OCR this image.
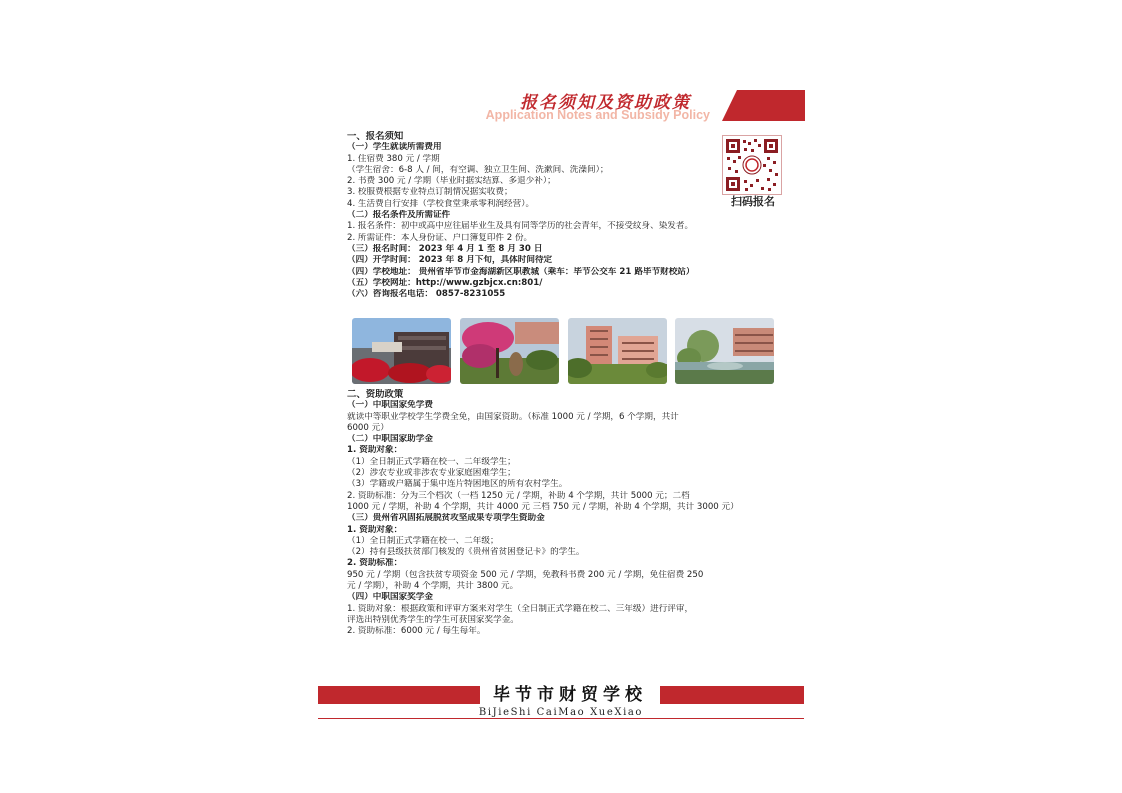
报名须知及资助政策
Application Notes and Subsidy Policy
扫码报名
一、报名须知
（一）学生就读所需费用
1. 住宿费 380 元 / 学期
（学生宿舍：6-8 人 / 间，有空调、独立卫生间、洗漱间、洗澡间）；
2. 书费 300 元 / 学期（毕业时据实结算、多退少补）；
3. 校服费根据专业特点订制情况据实收费；
4. 生活费自行安排（学校食堂秉承零利润经营）。
（二）报名条件及所需证件
1. 报名条件：初中或高中应往届毕业生及具有同等学历的社会青年，不接受纹身、染发者。
2. 所需证件：本人身份证、户口簿复印件 2 份。
（三）报名时间： 2023 年 4 月 1 至 8 月 30 日
（四）开学时间： 2023 年 8 月下旬，具体时间待定
（四）学校地址： 贵州省毕节市金海湖新区职教城（乘车：毕节公交车 21 路毕节财校站）
（五）学校网址：http://www.gzbjcx.cn:801/
（六）咨询报名电话： 0857-8231055
二、资助政策
（一）中职国家免学费
就读中等职业学校学生学费全免，由国家资助。（标准 1000 元 / 学期，6 个学期，共计
6000 元）
（二）中职国家助学金
1. 资助对象：
（1）全日制正式学籍在校一、二年级学生；
（2）涉农专业或非涉农专业家庭困难学生；
（3）学籍或户籍属于集中连片特困地区的所有农村学生。
2. 资助标准：分为三个档次（一档 1250 元 / 学期，补助 4 个学期，共计 5000 元；二档
1000 元 / 学期，补助 4 个学期，共计 4000 元 三档 750 元 / 学期，补助 4 个学期，共计 3000 元）
（三）贵州省巩固拓展脱贫攻坚成果专项学生资助金
1. 资助对象：
（1）全日制正式学籍在校一、二年级；
（2）持有县级扶贫部门核发的《贵州省贫困登记卡》的学生。
2. 资助标准：
950 元 / 学期（包含扶贫专项资金 500 元 / 学期，免教科书费 200 元 / 学期，免住宿费 250
元 / 学期），补助 4 个学期，共计 3800 元。
（四）中职国家奖学金
1. 资助对象：根据政策和评审方案来对学生（全日制正式学籍在校二、三年级）进行评审，
评选出特别优秀学生的学生可获国家奖学金。
2. 资助标准：6000 元 / 每生每年。
毕节市财贸学校
BiJieShi CaiMao XueXiao
